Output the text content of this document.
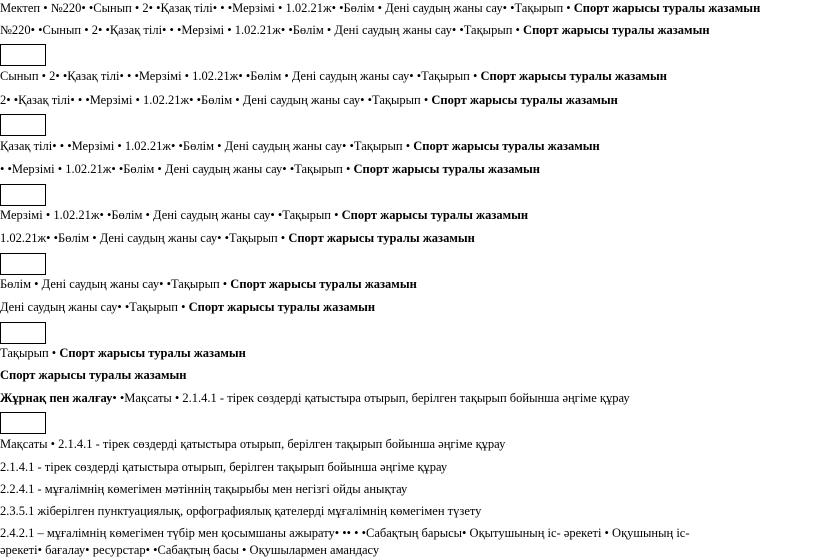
Мектеп • №220• •Сынып • 2• •Қазақ тілі• • •Мерзімі • 1.02.21ж• •Бөлім • Дені саудың жаны сау• •Тақырып • Спорт жарысы туралы жазамын
№220• •Сынып • 2• •Қазақ тілі• • •Мерзімі • 1.02.21ж• •Бөлім • Дені саудың жаны сау• •Тақырып • Спорт жарысы туралы жазамын
Сынып • 2• •Қазақ тілі• • •Мерзімі • 1.02.21ж• •Бөлім • Дені саудың жаны сау• •Тақырып • Спорт жарысы туралы жазамын
2• •Қазақ тілі• • •Мерзімі • 1.02.21ж• •Бөлім • Дені саудың жаны сау• •Тақырып • Спорт жарысы туралы жазамын
Қазақ тілі• • •Мерзімі • 1.02.21ж• •Бөлім • Дені саудың жаны сау• •Тақырып • Спорт жарысы туралы жазамын
• •Мерзімі • 1.02.21ж• •Бөлім • Дені саудың жаны сау• •Тақырып • Спорт жарысы туралы жазамын
Мерзімі • 1.02.21ж• •Бөлім • Дені саудың жаны сау• •Тақырып • Спорт жарысы туралы жазамын
1.02.21ж• •Бөлім • Дені саудың жаны сау• •Тақырып • Спорт жарысы туралы жазамын
Бөлім • Дені саудың жаны сау• •Тақырып • Спорт жарысы туралы жазамын
Дені саудың жаны сау• •Тақырып • Спорт жарысы туралы жазамын
Тақырып • Спорт жарысы туралы жазамын
Спорт жарысы туралы жазамын
Жұрнақ пен жалғау• •Мақсаты • 2.1.4.1 - тірек сөздерді қатыстыра отырып, берілген тақырып бойынша әңгіме құрау
Мақсаты • 2.1.4.1 - тірек сөздерді қатыстыра отырып, берілген тақырып бойынша әңгіме құрау
2.1.4.1 - тірек сөздерді қатыстыра отырып, берілген тақырып бойынша әңгіме құрау
2.2.4.1 - мұғалімнің көмегімен мәтіннің тақырыбы мен негізгі ойды анықтау
2.3.5.1 жіберілген пунктуациялық, орфографиялық қателерді мұғалімнің көмегімен түзету
2.4.2.1 – мұғалімнің көмегімен түбір мен қосымшаны ажырату• •• • •Сабақтың барысы• Оқытушының іс- әрекеті • Оқушының іс-
әрекеті• бағалау• ресурстар• •Сабақтың басы • Оқушылармен амандасу
